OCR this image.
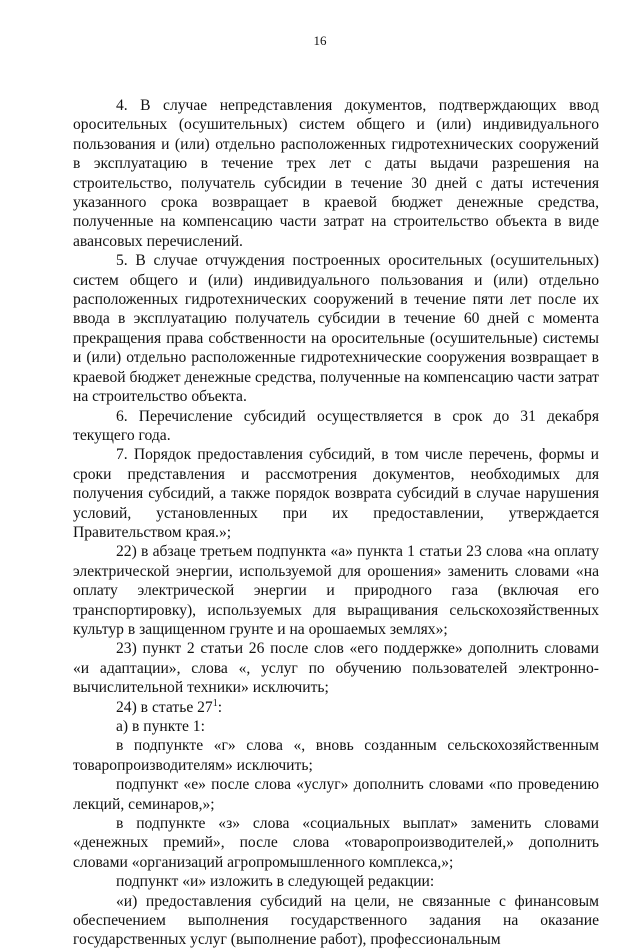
16

4. В случае непредставления документов, подтверждающих ввод оросительных (осушительных) систем общего и (или) индивидуального пользования и (или) отдельно расположенных гидротехнических сооружений в эксплуатацию в течение трех лет с даты выдачи разрешения на строительство, получатель субсидии в течение 30 дней с даты истечения указанного срока возвращает в краевой бюджет денежные средства, полученные на компенсацию части затрат на строительство объекта в виде авансовых перечислений.

5. В случае отчуждения построенных оросительных (осушительных) систем общего и (или) индивидуального пользования и (или) отдельно расположенных гидротехнических сооружений в течение пяти лет после их ввода в эксплуатацию получатель субсидии в течение 60 дней с момента прекращения права собственности на оросительные (осушительные) системы и (или) отдельно расположенные гидротехнические сооружения возвращает в краевой бюджет денежные средства, полученные на компенсацию части затрат на строительство объекта.

6. Перечисление субсидий осуществляется в срок до 31 декабря текущего года.

7. Порядок предоставления субсидий, в том числе перечень, формы и сроки представления и рассмотрения документов, необходимых для получения субсидий, а также порядок возврата субсидий в случае нарушения условий, установленных при их предоставлении, утверждается Правительством края.»;

22) в абзаце третьем подпункта «а» пункта 1 статьи 23 слова «на оплату электрической энергии, используемой для орошения» заменить словами «на оплату электрической энергии и природного газа (включая его транспортировку), используемых для выращивания сельскохозяйственных культур в защищенном грунте и на орошаемых землях»;

23) пункт 2 статьи 26 после слов «его поддержке» дополнить словами «и адаптации», слова «, услуг по обучению пользователей электронно-вычислительной техники» исключить;

24) в статье $27^1$:

а) в пункте 1:

в подпункте «г» слова «, вновь созданным сельскохозяйственным товаропроизводителям» исключить;

подпункт «е» после слова «услуг» дополнить словами «по проведению лекций, семинаров,»;

в подпункте «з» слова «социальных выплат» заменить словами «денежных премий», после слова «товаропроизводителей,» дополнить словами «организаций агропромышленного комплекса,»;

подпункт «и» изложить в следующей редакции:

«и) предоставления субсидий на цели, не связанные с финансовым обеспечением выполнения государственного задания на оказание государственных услуг (выполнение работ), профессиональным
